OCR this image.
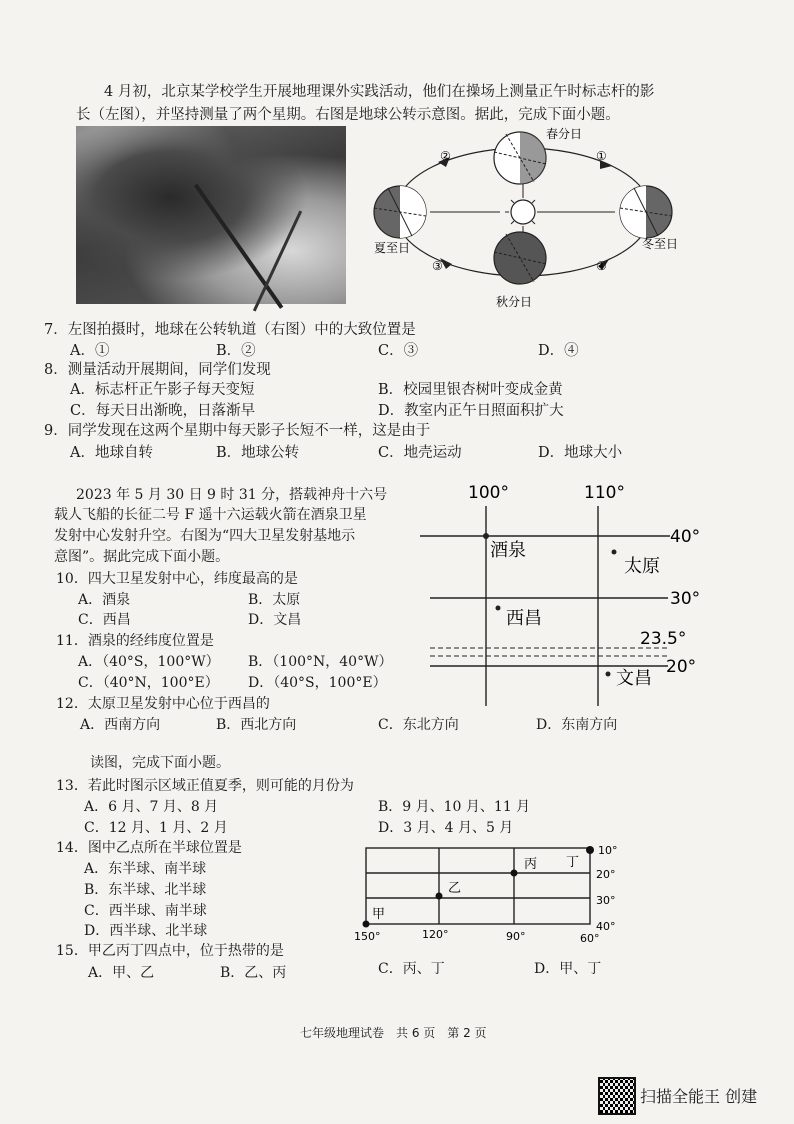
4 月初，北京某学校学生开展地理课外实践活动，他们在操场上测量正午时标志杆的影
长（左图），并坚持测量了两个星期。右图是地球公转示意图。据此，完成下面小题。
春分日
夏至日
秋分日
冬至日
②	①
③	④
7．左图拍摄时，地球在公转轨道（右图）中的大致位置是
A．①	B．②	C．③	D．④
8．测量活动开展期间，同学们发现
A．标志杆正午影子每天变短	B．校园里银杏树叶变成金黄
C．每天日出渐晚，日落渐早	D．教室内正午日照面积扩大
9．同学发现在这两个星期中每天影子长短不一样，这是由于
A．地球自转	B．地球公转	C．地壳运动	D．地球大小
2023 年 5 月 30 日 9 时 31 分，搭载神舟十六号
载人飞船的长征二号 F 遥十六运载火箭在酒泉卫星
发射中心发射升空。右图为“四大卫星发射基地示
意图”。据此完成下面小题。
10．四大卫星发射中心，纬度最高的是
A．酒泉	B．太原
C．西昌	D．文昌
11．酒泉的经纬度位置是
A．（40°S，100°W） B．（100°N，40°W）
C．（40°N，100°E） D．（40°S，100°E）
12．太原卫星发射中心位于西昌的
A．西南方向	B．西北方向	C．东北方向	D．东南方向
100°	110°
40°
30°
23.5°
20°
酒泉
太原
西昌
文昌
读图，完成下面小题。
13．若此时图示区域正值夏季，则可能的月份为
A．6 月、7 月、8 月	B．9 月、10 月、11 月
C．12 月、1 月、2 月	D．3 月、4 月、5 月
14．图中乙点所在半球位置是
A．东半球、南半球
B．东半球、北半球
C．西半球、南半球
D．西半球、北半球
15．甲乙丙丁四点中，位于热带的是
A．甲、乙	B．乙、丙	C．丙、丁	D．甲、丁
丙 丁
乙
甲
150°	120°	90°	60°
10°
20°
30°
40°
七年级地理试卷　共 6 页　第 2 页
扫描全能王 创建
